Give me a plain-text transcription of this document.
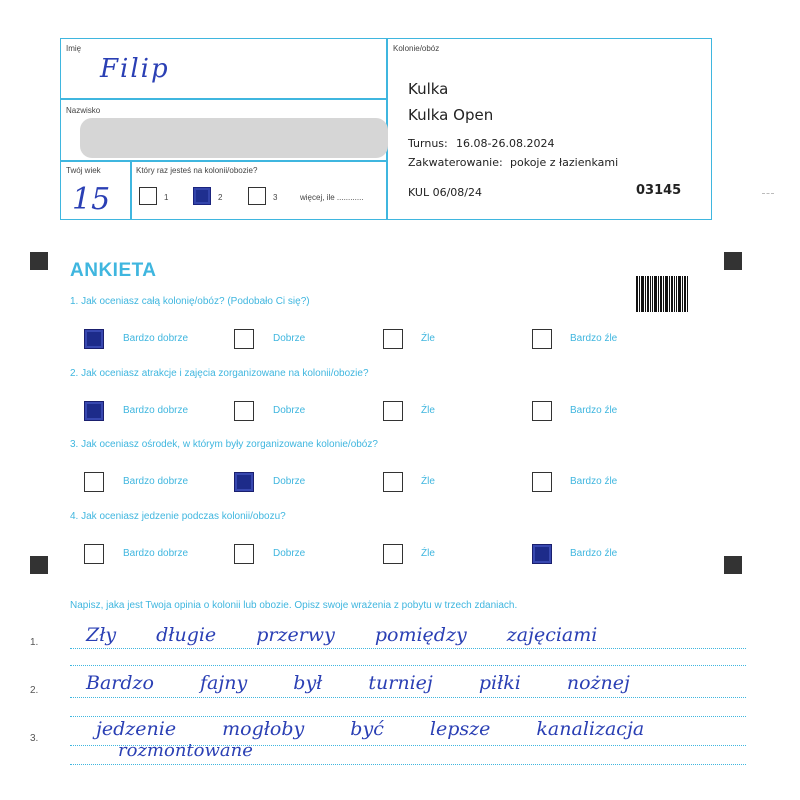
Imię
Filip
Nazwisko
Twój wiek
15
Który raz jesteś na kolonii/obozie?
1	2	3	więcej, ile ............
Kolonie/obóz
Kulka
Kulka Open
Turnus: 16.08-26.08.2024
Zakwaterowanie: pokoje z łazienkami
KUL 06/08/24	03145
ANKIETA
1. Jak oceniasz całą kolonię/obóz? (Podobało Ci się?)
Bardzo dobrze	Dobrze	Źle	Bardzo źle
2. Jak oceniasz atrakcje i zajęcia zorganizowane na kolonii/obozie?
Bardzo dobrze	Dobrze	Źle	Bardzo źle
3. Jak oceniasz ośrodek, w którym były zorganizowane kolonie/obóz?
Bardzo dobrze	Dobrze	Źle	Bardzo źle
4. Jak oceniasz jedzenie podczas kolonii/obozu?
Bardzo dobrze	Dobrze	Źle	Bardzo źle
Napisz, jaka jest Twoja opinia o kolonii lub obozie. Opisz swoje wrażenia z pobytu w trzech zdaniach.
1.	Zły długie przerwy pomiędzy zajęciami
2.	Bardzo fajny był turniej piłki nożnej
3.	jedzenie mogłoby być lepsze kanalizacja
rozmontowane
